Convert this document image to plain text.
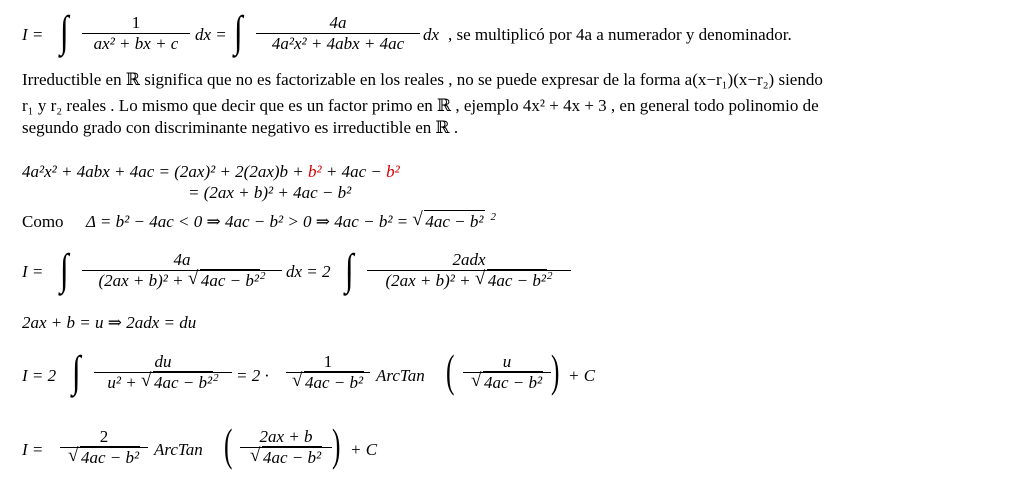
I = ∫	1
ax² + bx + c dx = ∫	4a
4a²x² + 4abx + 4ac	dx , se multiplicó por 4a a numerador y denominador.
Irreductible en ℝ significa que no es factorizable en los reales , no se puede expresar de la forma a(x−r₁)(x−r₂) siendo
r₁ y r₂ reales . Lo mismo que decir que es un factor primo en ℝ , ejemplo 4x² + 4x + 3 , en general todo polinomio de
segundo grado con discriminante negativo es irreductible en ℝ .
4a²x² + 4abx + 4ac = (2ax)² + 2(2ax)b + b² + 4ac − b²
= (2ax + b)² + 4ac − b²
Como Δ = b² − 4ac < 0 ⇒ 4ac − b² > 0 ⇒ 4ac − b² = √ 4ac − b² $^2$
I = ∫	4a
(2ax + b)² + √ 4ac − b²$^2$	dx = 2 ∫	2adx
(2ax + b)² + √ 4ac − b²$^2$
2ax + b = u ⇒ 2adx = du
I = 2 ∫	du
u² + √ 4ac − b²$^2$	= 2 ·
1
√ 4ac − b² ArcTan (	u
√ 4ac − b² ) + C
I =
2
√ 4ac − b² ArcTan (	2ax + b
√ 4ac − b² ) + C
